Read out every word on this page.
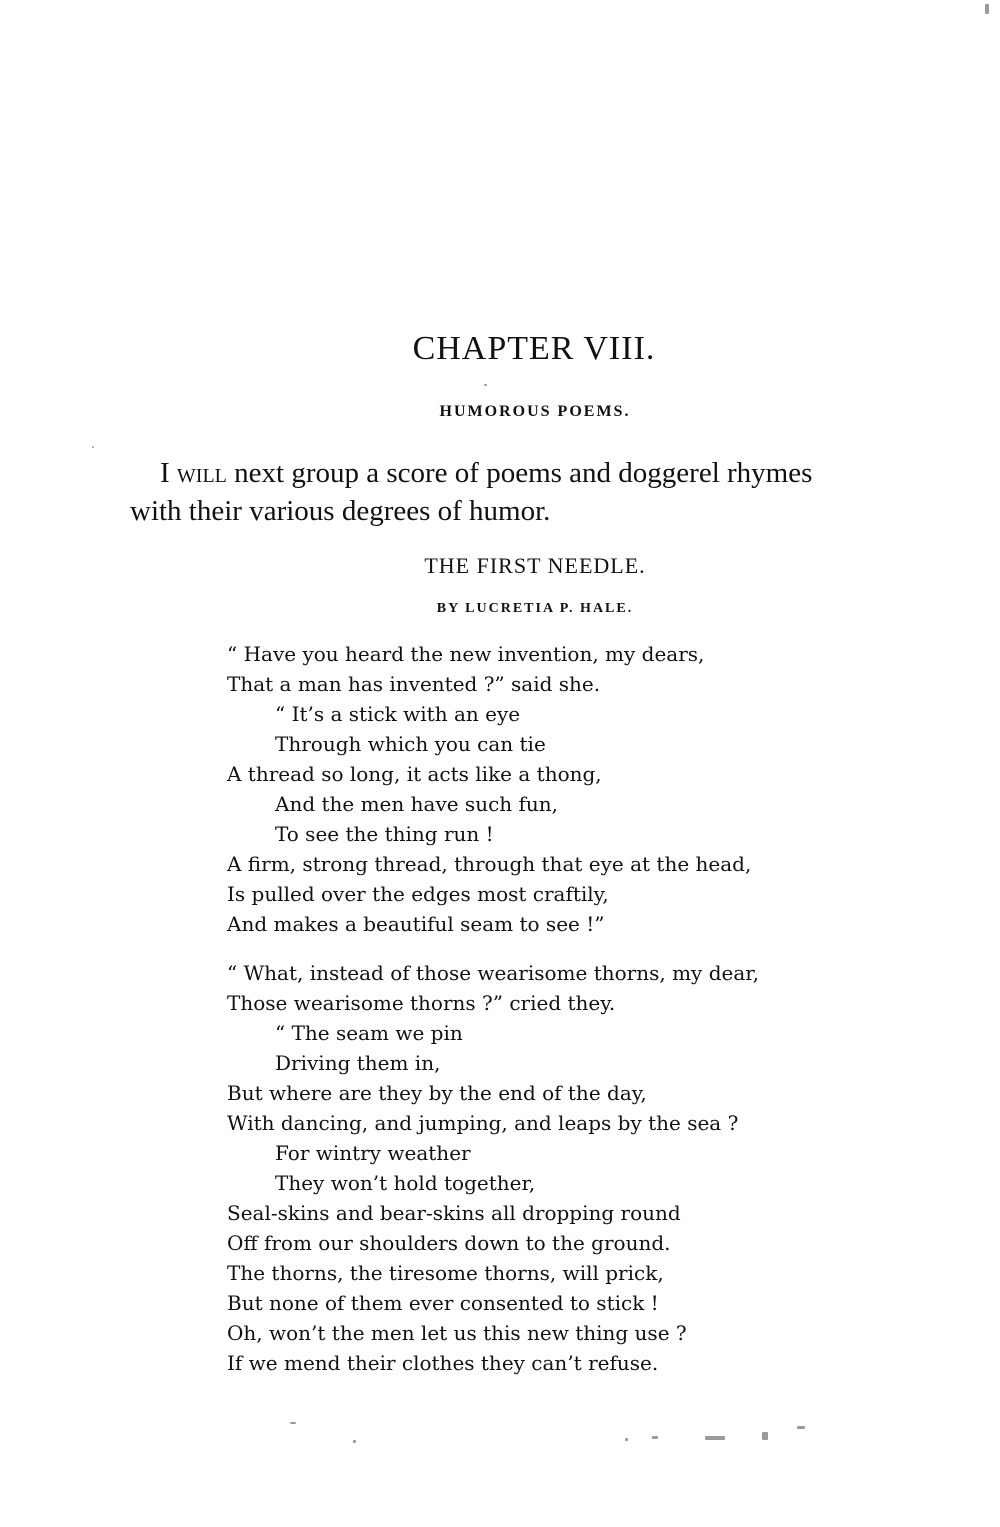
CHAPTER VIII.
HUMOROUS POEMS.

I will next group a score of poems and doggerel rhymes
with their various degrees of humor.

THE FIRST NEEDLE.
BY LUCRETIA P. HALE.
“ Have you heard the new invention, my dears,
That a man has invented ?” said she.
“ It’s a stick with an eye
Through which you can tie
A thread so long, it acts like a thong,
And the men have such fun,
To see the thing run !
A firm, strong thread, through that eye at the head,
Is pulled over the edges most craftily,
And makes a beautiful seam to see !”
“ What, instead of those wearisome thorns, my dear,
Those wearisome thorns ?” cried they.
“ The seam we pin
Driving them in,
But where are they by the end of the day,
With dancing, and jumping, and leaps by the sea ?
For wintry weather
They won’t hold together,
Seal-skins and bear-skins all dropping round
Off from our shoulders down to the ground.
The thorns, the tiresome thorns, will prick,
But none of them ever consented to stick !
Oh, won’t the men let us this new thing use ?
If we mend their clothes they can’t refuse.
